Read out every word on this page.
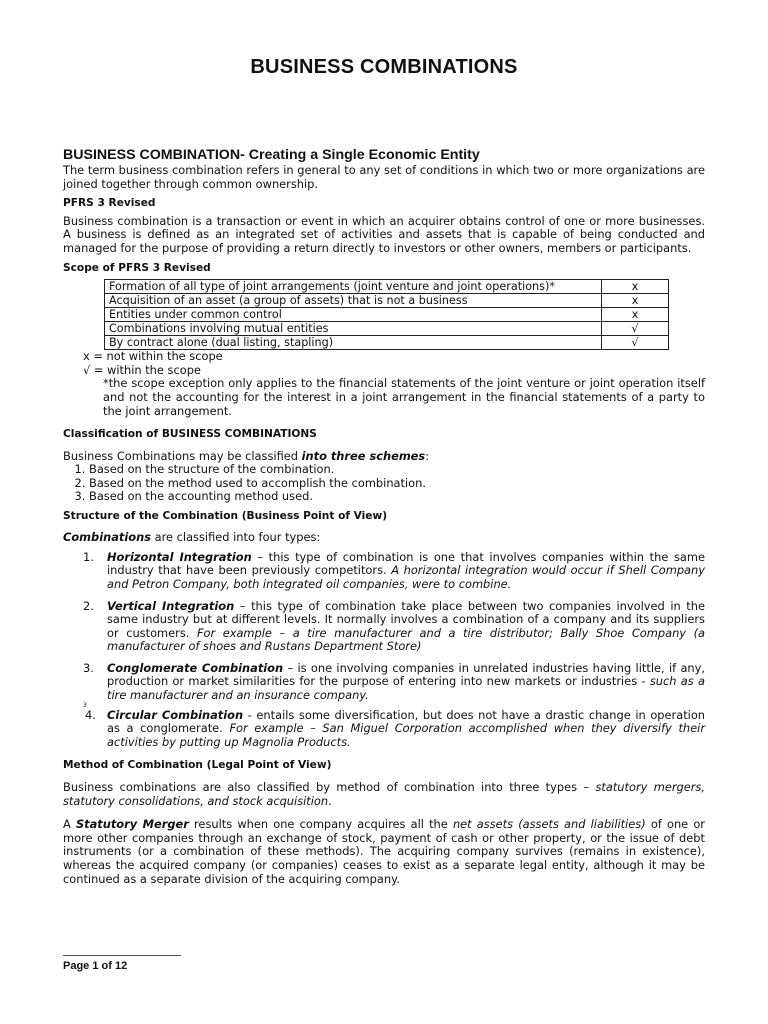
BUSINESS COMBINATIONS
BUSINESS COMBINATION- Creating a Single Economic Entity

The term business combination refers in general to any set of conditions in which two or more organizations are joined together through common ownership.

PFRS 3 Revised

Business combination is a transaction or event in which an acquirer obtains control of one or more businesses. A business is defined as an integrated set of activities and assets that is capable of being conducted and managed for the purpose of providing a return directly to investors or other owners, members or participants.

Scope of PFRS 3 Revised
Formation of all type of joint arrangements (joint venture and joint operations)*	x
Acquisition of an asset (a group of assets) that is not a business	x
Entities under common control	x
Combinations involving mutual entities	√
By contract alone (dual listing, stapling)	√
x = not within the scope
√ = within the scope

*the scope exception only applies to the financial statements of the joint venture or joint operation itself and not the accounting for the interest in a joint arrangement in the financial statements of a party to the joint arrangement.

Classification of BUSINESS COMBINATIONS

Business Combinations may be classified into three schemes:

1. Based on the structure of the combination.
2. Based on the method used to accomplish the combination.
3. Based on the accounting method used.
Structure of the Combination (Business Point of View)

Combinations are classified into four types:

1. Horizontal Integration – this type of combination is one that involves companies within the same industry that have been previously competitors. A horizontal integration would occur if Shell Company and Petron Company, both integrated oil companies, were to combine.
2. Vertical Integration – this type of combination take place between two companies involved in the same industry but at different levels. It normally involves a combination of a company and its suppliers or customers. For example – a tire manufacturer and a tire distributor; Bally Shoe Company (a manufacturer of shoes and Rustans Department Store)
3. Conglomerate Combination – is one involving companies in unrelated industries having little, if any, production or market similarities for the purpose of entering into new markets or industries - such as a tire manufacturer and an insurance company.
3
4. Circular Combination - entails some diversification, but does not have a drastic change in operation as a conglomerate. For example – San Miguel Corporation accomplished when they diversify their activities by putting up Magnolia Products.
Method of Combination (Legal Point of View)

Business combinations are also classified by method of combination into three types – statutory mergers, statutory consolidations, and stock acquisition.

A Statutory Merger results when one company acquires all the net assets (assets and liabilities) of one or more other companies through an exchange of stock, payment of cash or other property, or the issue of debt instruments (or a combination of these methods). The acquiring company survives (remains in existence), whereas the acquired company (or companies) ceases to exist as a separate legal entity, although it may be continued as a separate division of the acquiring company.

Page 1 of 12
